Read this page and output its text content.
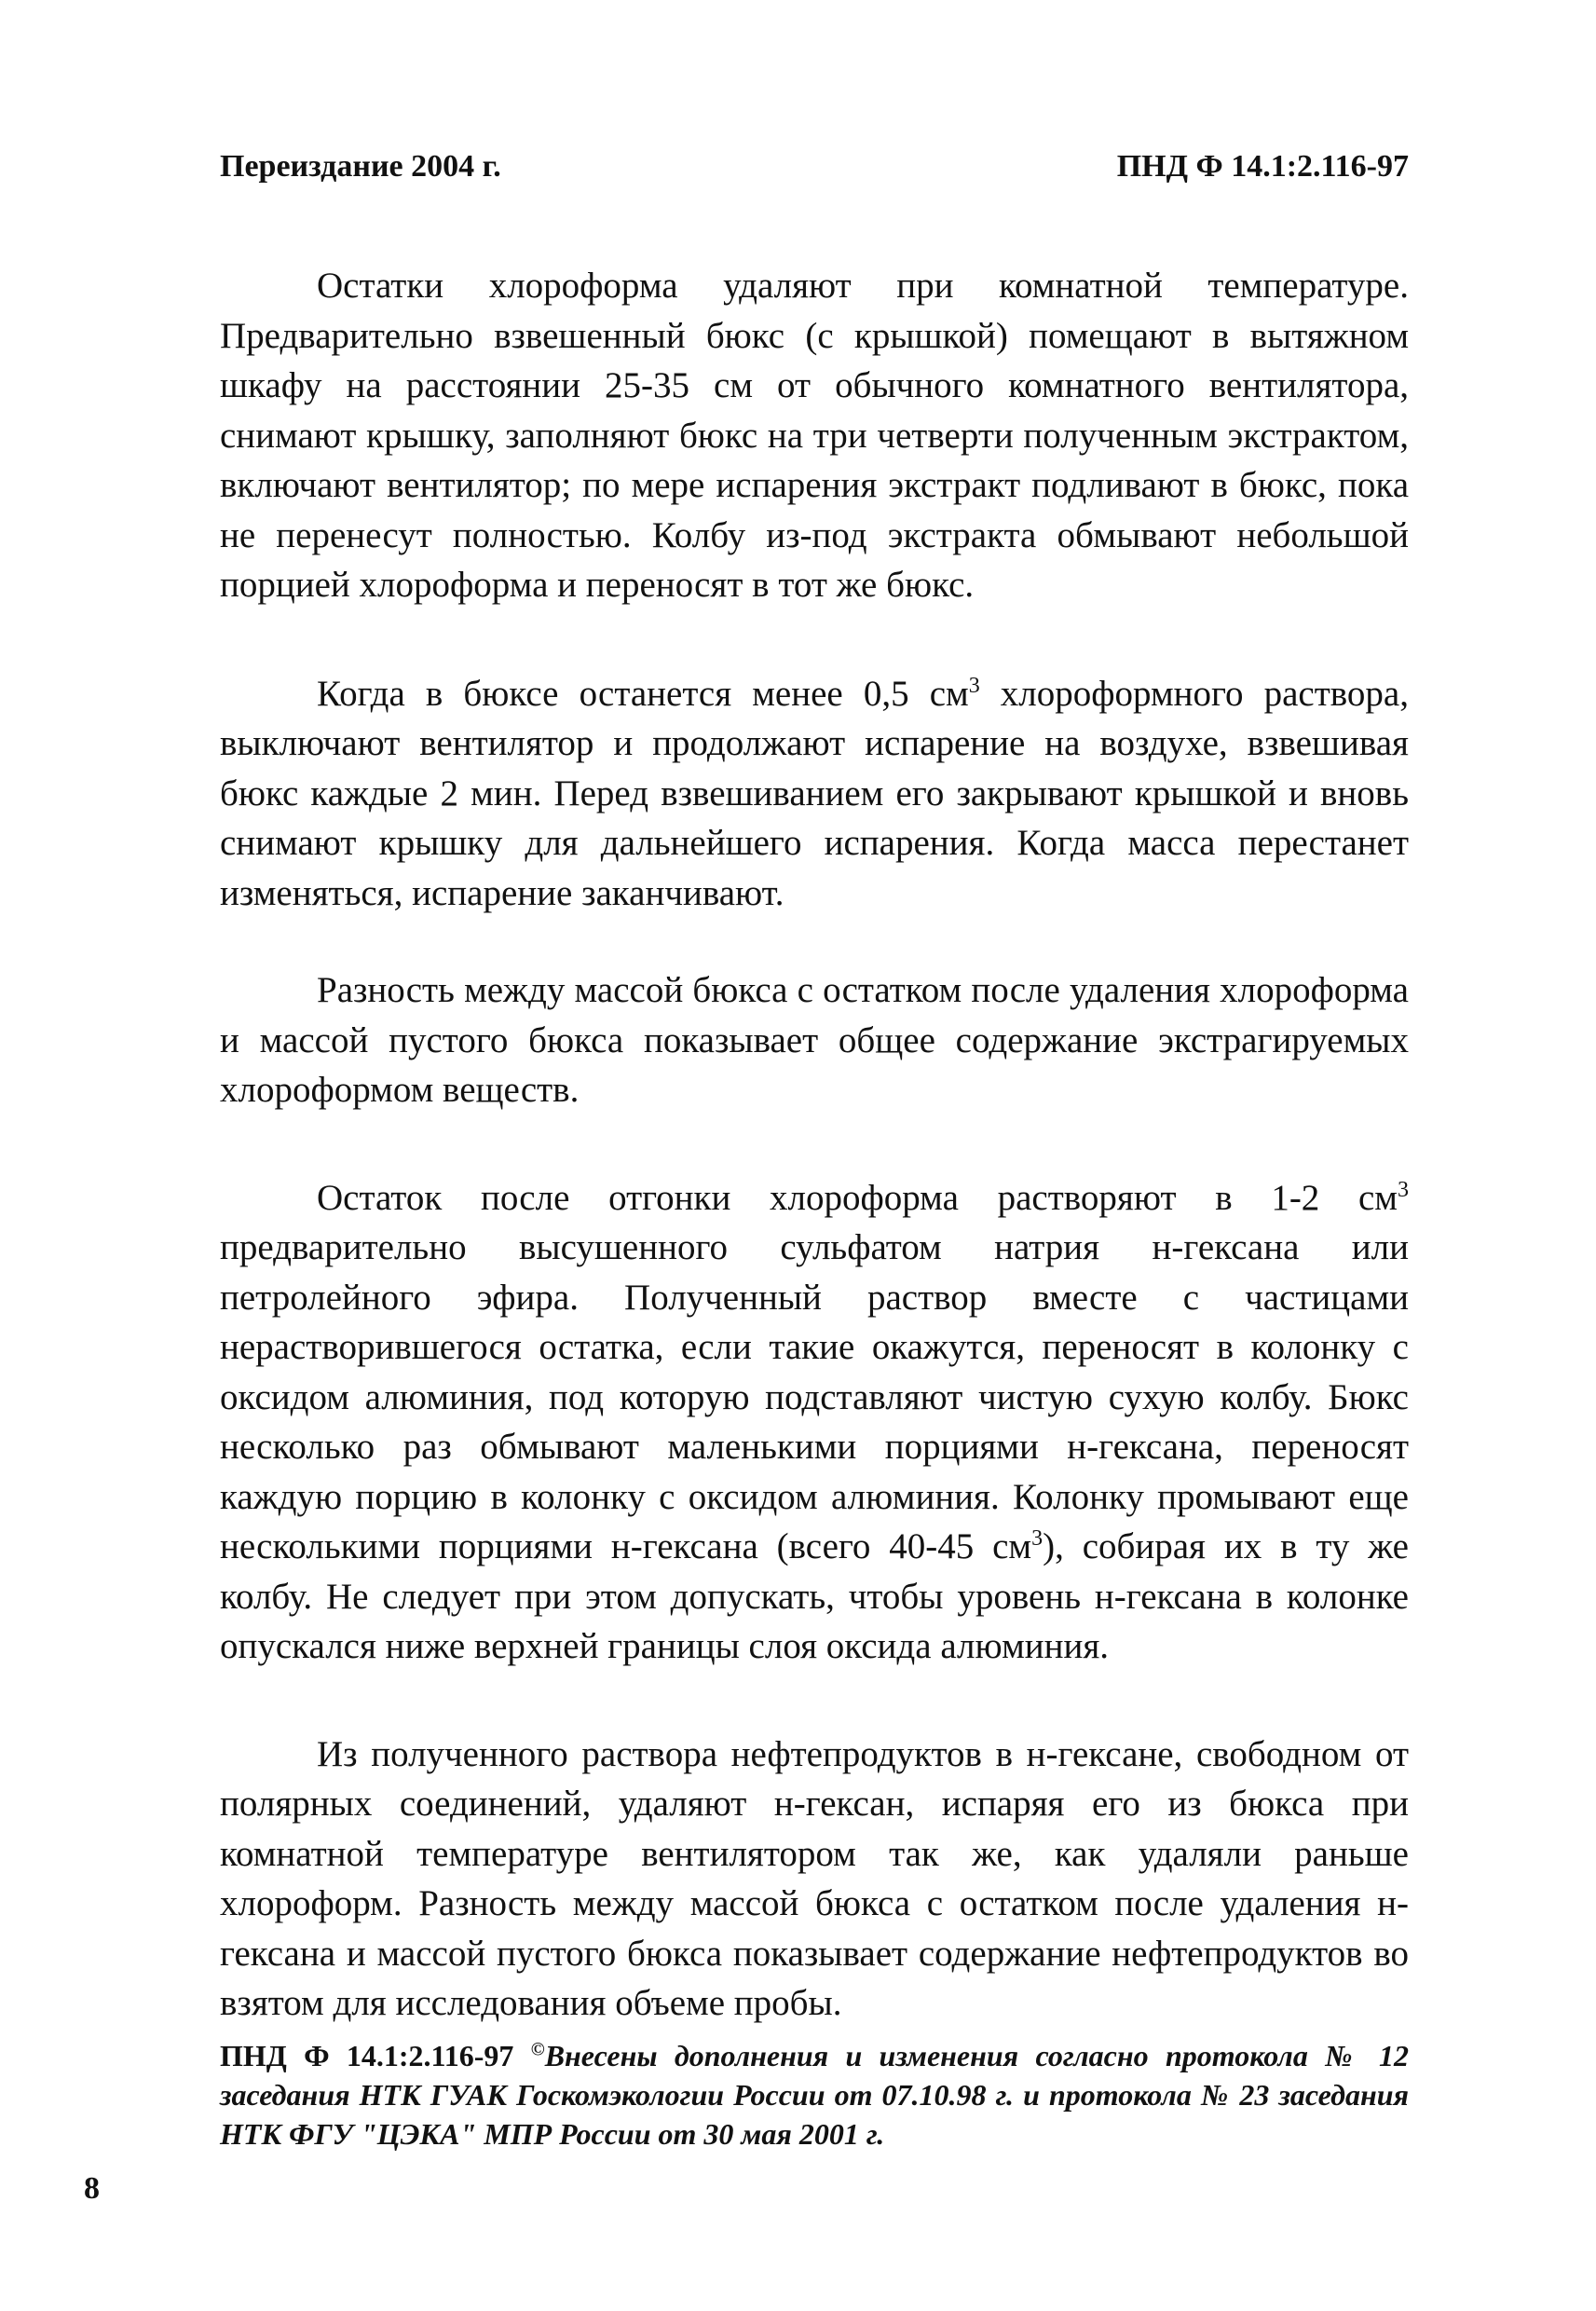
Переиздание 2004 г.	ПНД Ф 14.1:2.116-97

Остатки хлороформа удаляют при комнатной температуре. Предварительно взвешенный бюкс (с крышкой) помещают в вытяжном шкафу на расстоянии 25-35 см от обычного комнатного вентилятора, снимают крышку, заполняют бюкс на три четверти полученным экстрактом, включают вентилятор; по мере испарения экстракт подливают в бюкс, пока не перенесут полностью. Колбу из-под экстракта обмывают небольшой порцией хлороформа и переносят в тот же бюкс.

Когда в бюксе останется менее 0,5 $см^3$ хлороформного раствора, выключают вентилятор и продолжают испарение на воздухе, взвешивая бюкс каждые 2 мин. Перед взвешиванием его закрывают крышкой и вновь снимают крышку для дальнейшего испарения. Когда масса перестанет изменяться, испарение заканчивают.

Разность между массой бюкса с остатком после удаления хлороформа и массой пустого бюкса показывает общее содержание экстрагируемых хлороформом веществ.

Остаток после отгонки хлороформа растворяют в 1-2 $см^3$ предварительно высушенного сульфатом натрия н-гексана или петролейного эфира. Полученный раствор вместе с частицами нерастворившегося остатка, если такие окажутся, переносят в колонку с оксидом алюминия, под которую подставляют чистую сухую колбу. Бюкс несколько раз обмывают маленькими порциями н-гексана, переносят каждую порцию в колонку с оксидом алюминия. Колонку промывают еще несколькими порциями н-гексана (всего 40-45 $см^3$), собирая их в ту же колбу. Не следует при этом допускать, чтобы уровень н-гексана в колонке опускался ниже верхней границы слоя оксида алюминия.

Из полученного раствора нефтепродуктов в н-гексане, свободном от полярных соединений, удаляют н-гексан, испаряя его из бюкса при комнатной температуре вентилятором так же, как удаляли раньше хлороформ. Разность между массой бюкса с остатком после удаления н-гексана и массой пустого бюкса показывает содержание нефтепродуктов во взятом для исследования объеме пробы.

ПНД Ф 14.1:2.116-97 ©Внесены дополнения и изменения согласно протокола № 12 заседания НТК ГУАК Госкомэкологии России от 07.10.98 г. и протокола № 23 заседания НТК ФГУ "ЦЭКА" МПР России от 30 мая 2001 г.
8
